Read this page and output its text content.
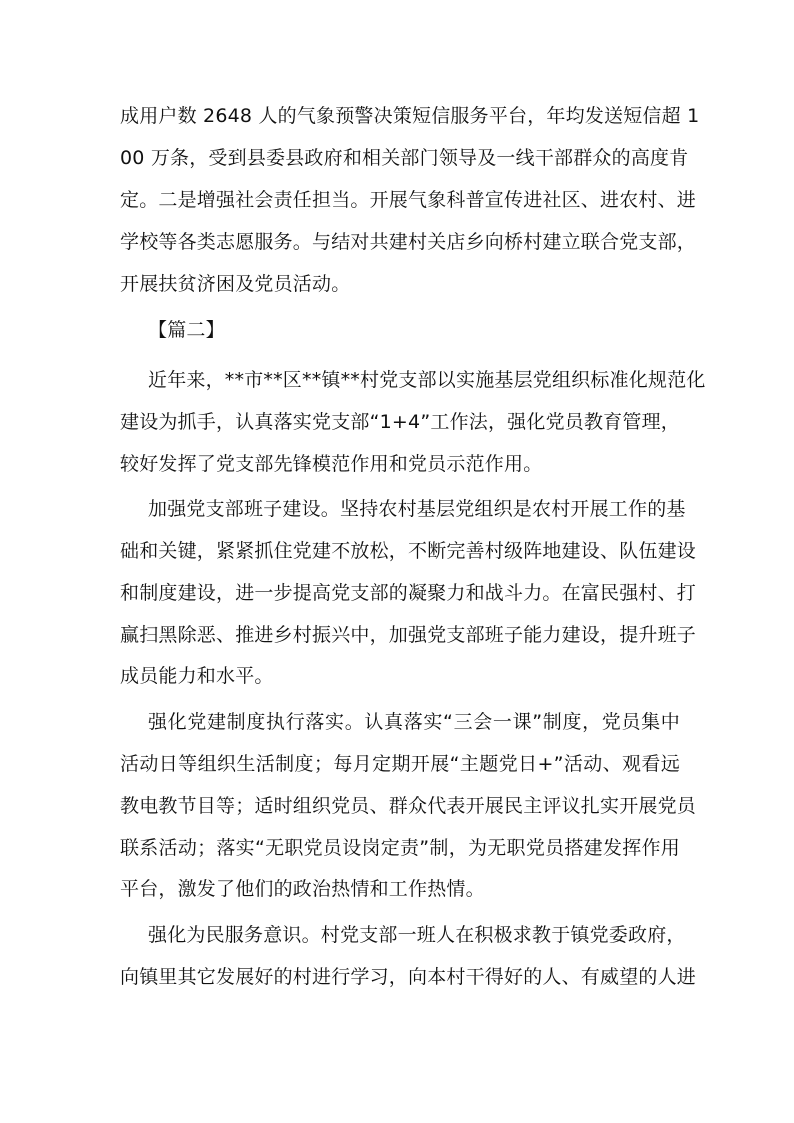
成用户数 2648 人的气象预警决策短信服务平台，年均发送短信超 1
00 万条，受到县委县政府和相关部门领导及一线干部群众的高度肯
定。二是增强社会责任担当。开展气象科普宣传进社区、进农村、进
学校等各类志愿服务。与结对共建村关店乡向桥村建立联合党支部，
开展扶贫济困及党员活动。
【篇二】
近年来，**市**区**镇**村党支部以实施基层党组织标准化规范化
建设为抓手，认真落实党支部“1+4”工作法，强化党员教育管理，
较好发挥了党支部先锋模范作用和党员示范作用。
加强党支部班子建设。坚持农村基层党组织是农村开展工作的基
础和关键，紧紧抓住党建不放松，不断完善村级阵地建设、队伍建设
和制度建设，进一步提高党支部的凝聚力和战斗力。在富民强村、打
赢扫黑除恶、推进乡村振兴中，加强党支部班子能力建设，提升班子
成员能力和水平。
强化党建制度执行落实。认真落实“三会一课”制度，党员集中
活动日等组织生活制度；每月定期开展“主题党日+”活动、观看远
教电教节目等；适时组织党员、群众代表开展民主评议扎实开展党员
联系活动；落实“无职党员设岗定责”制，为无职党员搭建发挥作用
平台，激发了他们的政治热情和工作热情。
强化为民服务意识。村党支部一班人在积极求教于镇党委政府，
向镇里其它发展好的村进行学习，向本村干得好的人、有威望的人进
